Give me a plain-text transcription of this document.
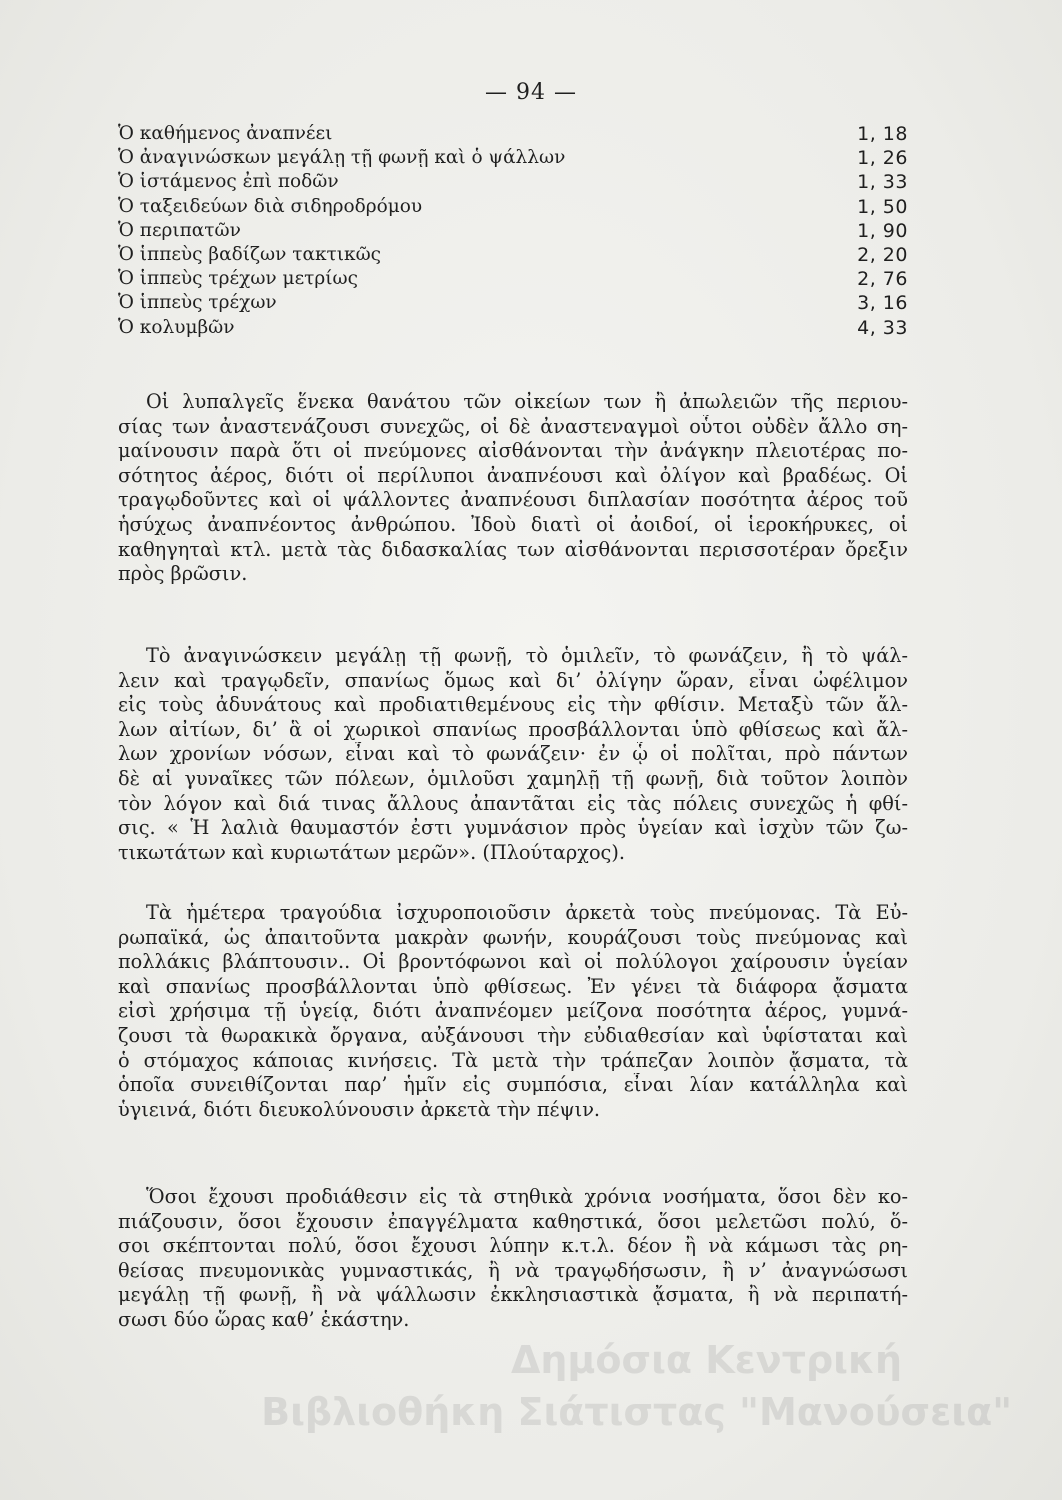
— 94 —
Ὁ καθήμενος ἀναπνέει	1, 18
Ὁ ἀναγινώσκων μεγάλῃ τῇ φωνῇ καὶ ὁ ψάλλων	1, 26
Ὁ ἱστάμενος ἐπὶ ποδῶν	1, 33
Ὁ ταξειδεύων διὰ σιδηροδρόμου	1, 50
Ὁ περιπατῶν	1, 90
Ὁ ἱππεὺς βαδίζων τακτικῶς	2, 20
Ὁ ἱππεὺς τρέχων μετρίως	2, 76
Ὁ ἱππεὺς τρέχων	3, 16
Ὁ κολυμβῶν	4, 33
Οἱ λυπαλγεῖς ἕνεκα θανάτου τῶν οἰκείων των ἢ ἀπωλειῶν τῆς περιου-
σίας των ἀναστενάζουσι συνεχῶς, οἱ δὲ ἀναστεναγμοὶ οὗτοι οὐδὲν ἄλλο ση-
μαίνουσιν παρὰ ὅτι οἱ πνεύμονες αἰσθάνονται τὴν ἀνάγκην πλειοτέρας πο-
σότητος ἀέρος, διότι οἱ περίλυποι ἀναπνέουσι καὶ ὀλίγον καὶ βραδέως. Οἱ
τραγῳδοῦντες καὶ οἱ ψάλλοντες ἀναπνέουσι διπλασίαν ποσότητα ἀέρος τοῦ
ἡσύχως ἀναπνέοντος ἀνθρώπου. Ἰδοὺ διατὶ οἱ ἀοιδοί, οἱ ἱεροκήρυκες, οἱ
καθηγηταὶ κτλ. μετὰ τὰς διδασκαλίας των αἰσθάνονται περισσοτέραν ὄρεξιν
πρὸς βρῶσιν.
Τὸ ἀναγινώσκειν μεγάλῃ τῇ φωνῇ, τὸ ὁμιλεῖν, τὸ φωνάζειν, ἢ τὸ ψάλ-
λειν καὶ τραγῳδεῖν, σπανίως ὅμως καὶ δι’ ὀλίγην ὥραν, εἶναι ὠφέλιμον
εἰς τοὺς ἀδυνάτους καὶ προδιατιθεμένους εἰς τὴν φθίσιν. Μεταξὺ τῶν ἄλ-
λων αἰτίων, δι’ ἃ οἱ χωρικοὶ σπανίως προσβάλλονται ὑπὸ φθίσεως καὶ ἄλ-
λων χρονίων νόσων, εἶναι καὶ τὸ φωνάζειν· ἐν ᾧ οἱ πολῖται, πρὸ πάντων
δὲ αἱ γυναῖκες τῶν πόλεων, ὁμιλοῦσι χαμηλῇ τῇ φωνῇ, διὰ τοῦτον λοιπὸν
τὸν λόγον καὶ διά τινας ἄλλους ἀπαντᾶται εἰς τὰς πόλεις συνεχῶς ἡ φθί-
σις. « Ἡ λαλιὰ θαυμαστόν ἐστι γυμνάσιον πρὸς ὑγείαν καὶ ἰσχὺν τῶν ζω-
τικωτάτων καὶ κυριωτάτων μερῶν». (Πλούταρχος).
Τὰ ἡμέτερα τραγούδια ἰσχυροποιοῦσιν ἀρκετὰ τοὺς πνεύμονας. Τὰ Εὐ-
ρωπαϊκά, ὡς ἀπαιτοῦντα μακρὰν φωνήν, κουράζουσι τοὺς πνεύμονας καὶ
πολλάκις βλάπτουσιν.. Οἱ βροντόφωνοι καὶ οἱ πολύλογοι χαίρουσιν ὑγείαν
καὶ σπανίως προσβάλλονται ὑπὸ φθίσεως. Ἐν γένει τὰ διάφορα ᾄσματα
εἰσὶ χρήσιμα τῇ ὑγείᾳ, διότι ἀναπνέομεν μείζονα ποσότητα ἀέρος, γυμνά-
ζουσι τὰ θωρακικὰ ὄργανα, αὐξάνουσι τὴν εὐδιαθεσίαν καὶ ὑφίσταται καὶ
ὁ στόμαχος κάποιας κινήσεις. Τὰ μετὰ τὴν τράπεζαν λοιπὸν ᾄσματα, τὰ
ὁποῖα συνειθίζονται παρ’ ἡμῖν εἰς συμπόσια, εἶναι λίαν κατάλληλα καὶ
ὑγιεινά, διότι διευκολύνουσιν ἀρκετὰ τὴν πέψιν.
Ὅσοι ἔχουσι προδιάθεσιν εἰς τὰ στηθικὰ χρόνια νοσήματα, ὅσοι δὲν κο-
πιάζουσιν, ὅσοι ἔχουσιν ἐπαγγέλματα καθηστικά, ὅσοι μελετῶσι πολύ, ὅ-
σοι σκέπτονται πολύ, ὅσοι ἔχουσι λύπην κ.τ.λ. δέον ἢ νὰ κάμωσι τὰς ρη-
θείσας πνευμονικὰς γυμναστικάς, ἢ νὰ τραγῳδήσωσιν, ἢ ν’ ἀναγνώσωσι
μεγάλῃ τῇ φωνῇ, ἢ νὰ ψάλλωσιν ἐκκλησιαστικὰ ᾄσματα, ἢ νὰ περιπατή-
σωσι δύο ὥρας καθ’ ἑκάστην.
Δημόσια Κεντρική
Βιβλιοθήκη Σιάτιστας "Μανούσεια"
